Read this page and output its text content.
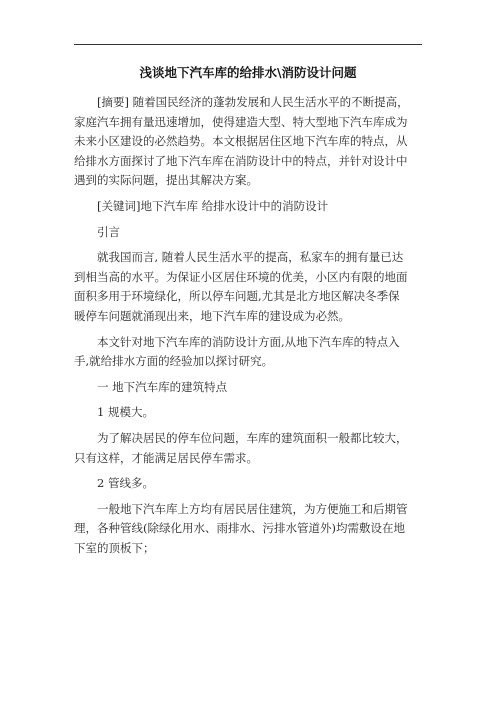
浅谈地下汽车库的给排水\消防设计问题

[摘要] 随着国民经济的蓬勃发展和人民生活水平的不断提高，
家庭汽车拥有量迅速增加，使得建造大型、特大型地下汽车库成为
未来小区建设的必然趋势。本文根据居住区地下汽车库的特点，从
给排水方面探讨了地下汽车库在消防设计中的特点，并针对设计中
遇到的实际问题，提出其解决方案。

[关键词]地下汽车库 给排水设计中的消防设计

引言

就我国而言, 随着人民生活水平的提高，私家车的拥有量已达
到相当高的水平。为保证小区居住环境的优美，小区内有限的地面
面积多用于环境绿化，所以停车问题,尤其是北方地区解决冬季保
暖停车问题就涌现出来，地下汽车库的建设成为必然。

本文针对地下汽车库的消防设计方面,从地下汽车库的特点入
手,就给排水方面的经验加以探讨研究。

一 地下汽车库的建筑特点

1 规模大。

为了解决居民的停车位问题，车库的建筑面积一般都比较大，
只有这样，才能满足居民停车需求。

2 管线多。

一般地下汽车库上方均有居民居住建筑，为方便施工和后期管
理，各种管线(除绿化用水、雨排水、污排水管道外)均需敷设在地
下室的顶板下；
